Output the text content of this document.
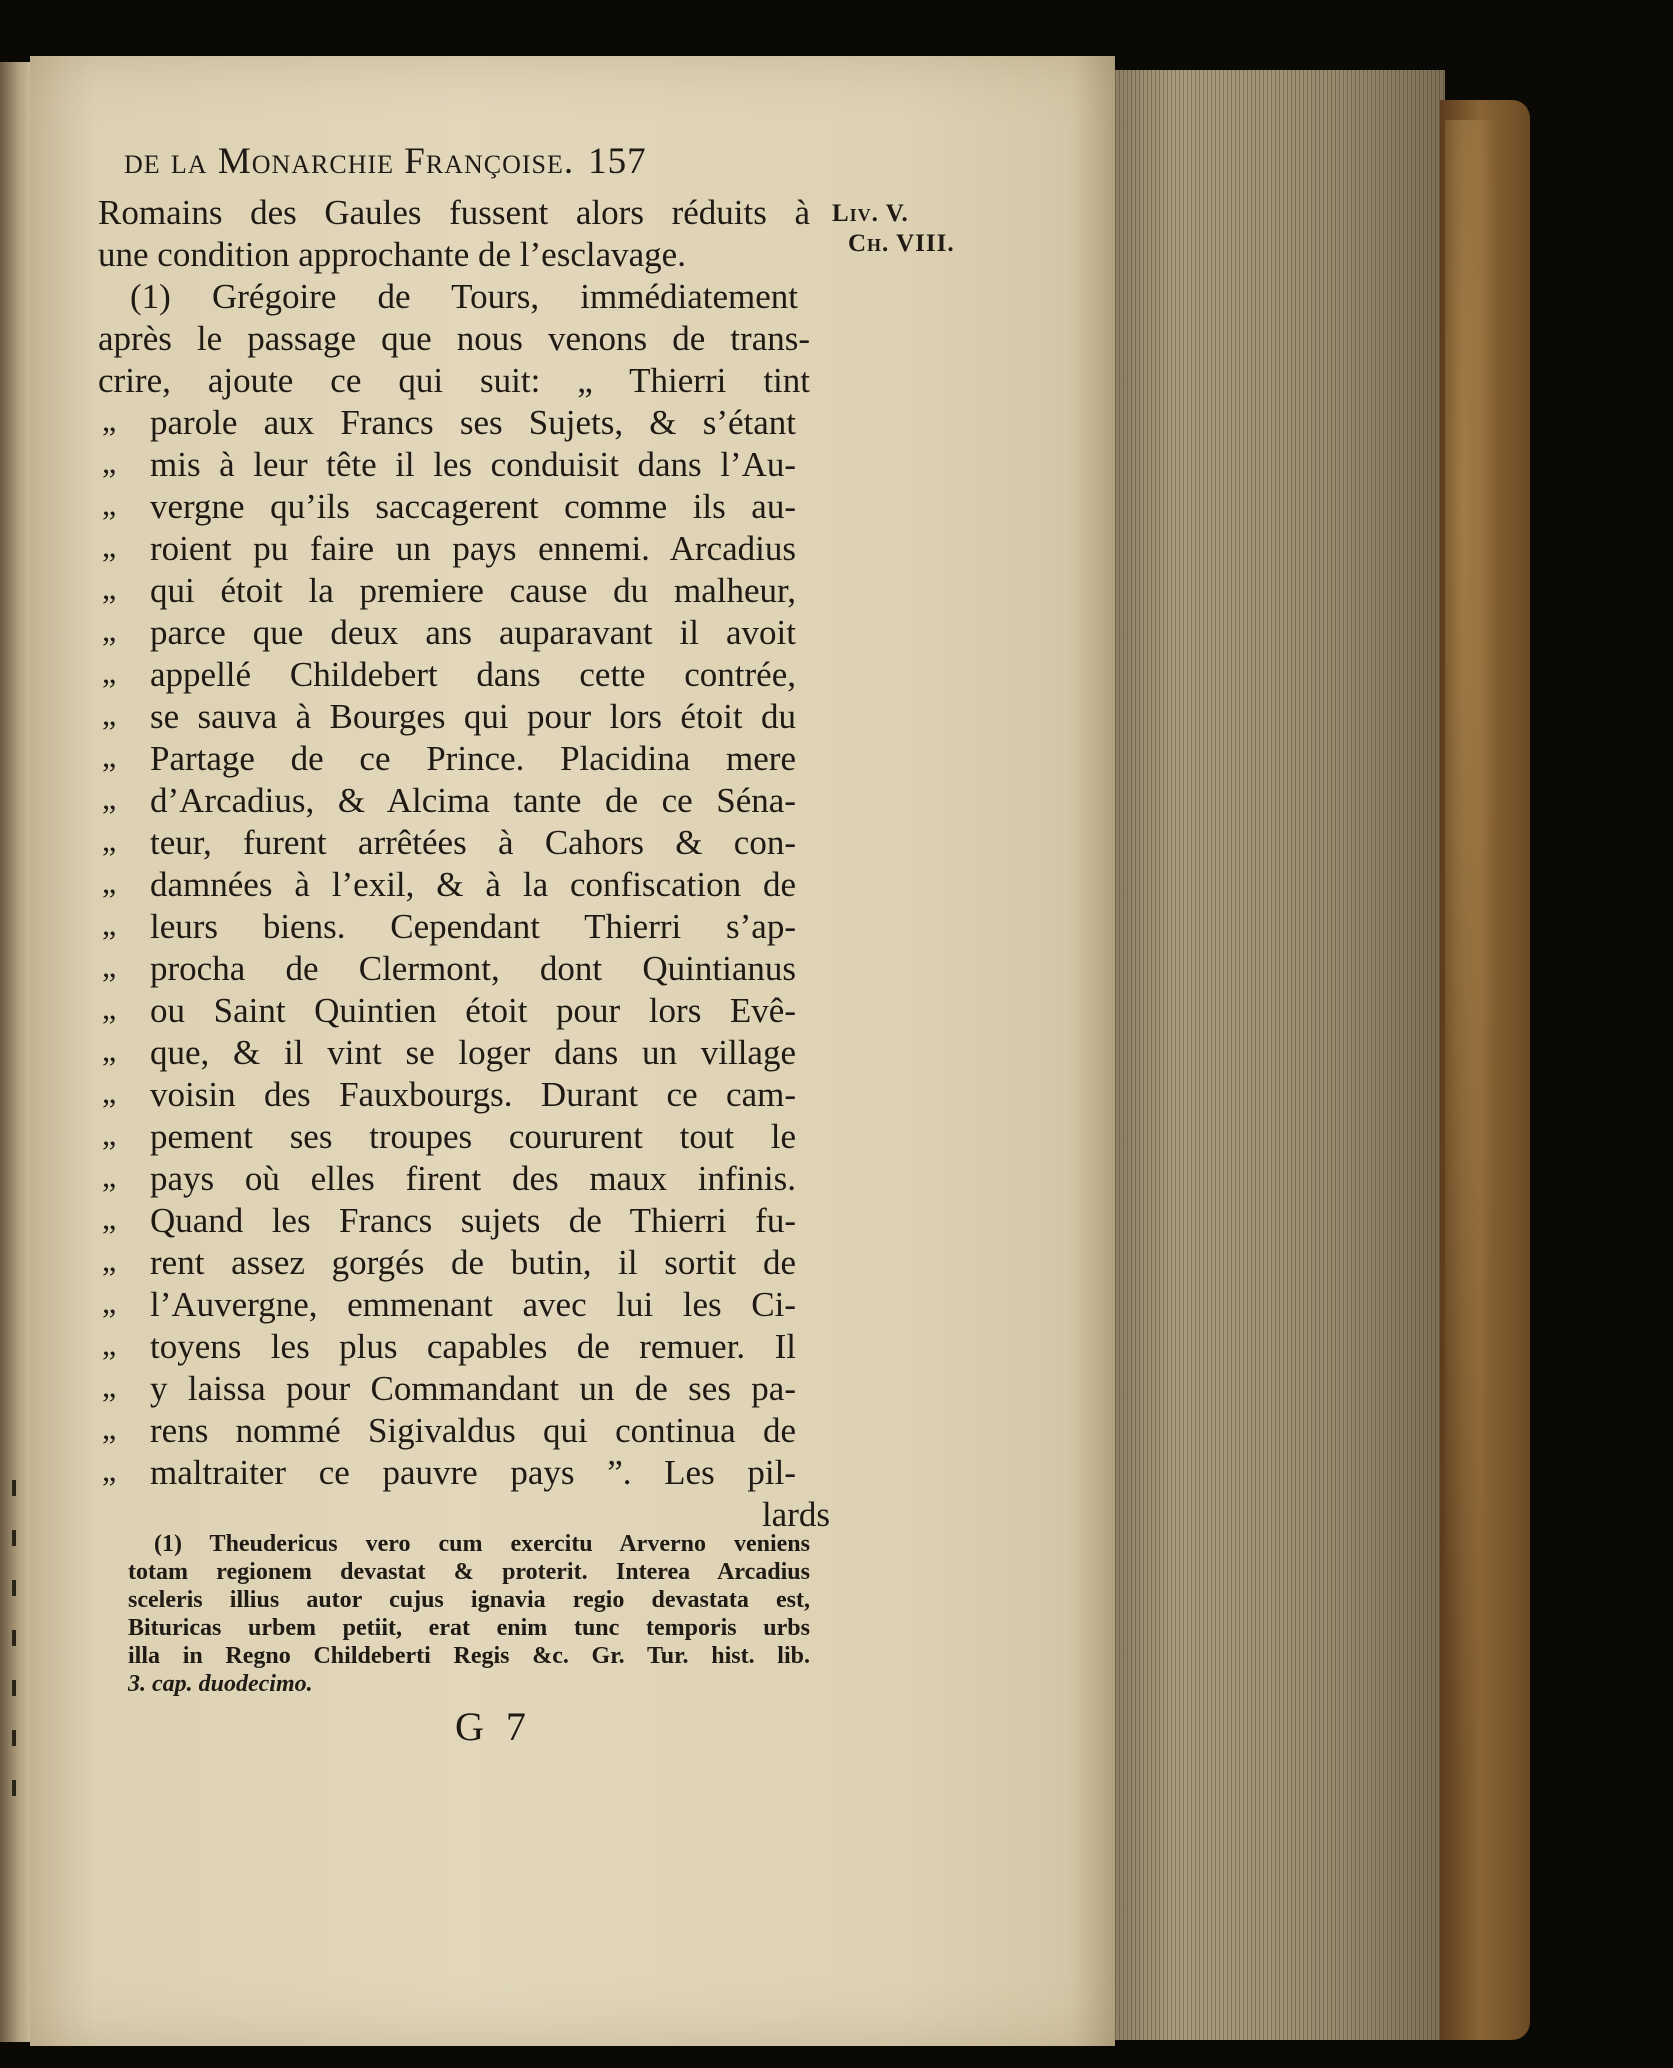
de la Monarchie Françoise. 157
Liv. V.
Ch. VIII.
Romains des Gaules fussent alors réduits à
une condition approchante de l’esclavage.
(1) Grégoire de Tours, immédiatement
après le passage que nous venons de trans-
crire, ajoute ce qui suit: „ Thierri tint
„ parole aux Francs ses Sujets, & s’étant
„ mis à leur tête il les conduisit dans l’Au-
„ vergne qu’ils saccagerent comme ils au-
„ roient pu faire un pays ennemi. Arcadius
„ qui étoit la premiere cause du malheur,
„ parce que deux ans auparavant il avoit
„ appellé Childebert dans cette contrée,
„ se sauva à Bourges qui pour lors étoit du
„ Partage de ce Prince. Placidina mere
„ d’Arcadius, & Alcima tante de ce Séna-
„ teur, furent arrêtées à Cahors & con-
„ damnées à l’exil, & à la confiscation de
„ leurs biens. Cependant Thierri s’ap-
„ procha de Clermont, dont Quintianus
„ ou Saint Quintien étoit pour lors Evê-
„ que, & il vint se loger dans un village
„ voisin des Fauxbourgs. Durant ce cam-
„ pement ses troupes coururent tout le
„ pays où elles firent des maux infinis.
„ Quand les Francs sujets de Thierri fu-
„ rent assez gorgés de butin, il sortit de
„ l’Auvergne, emmenant avec lui les Ci-
„ toyens les plus capables de remuer. Il
„ y laissa pour Commandant un de ses pa-
„ rens nommé Sigivaldus qui continua de
„ maltraiter ce pauvre pays ”. Les pil-
lards
(1) Theudericus vero cum exercitu Arverno veniens
totam regionem devastat & proterit. Interea Arcadius
sceleris illius autor cujus ignavia regio devastata est,
Bituricas urbem petiit, erat enim tunc temporis urbs
illa in Regno Childeberti Regis &c. Gr. Tur. hist. lib.
3. cap. duodecimo.
G 7
